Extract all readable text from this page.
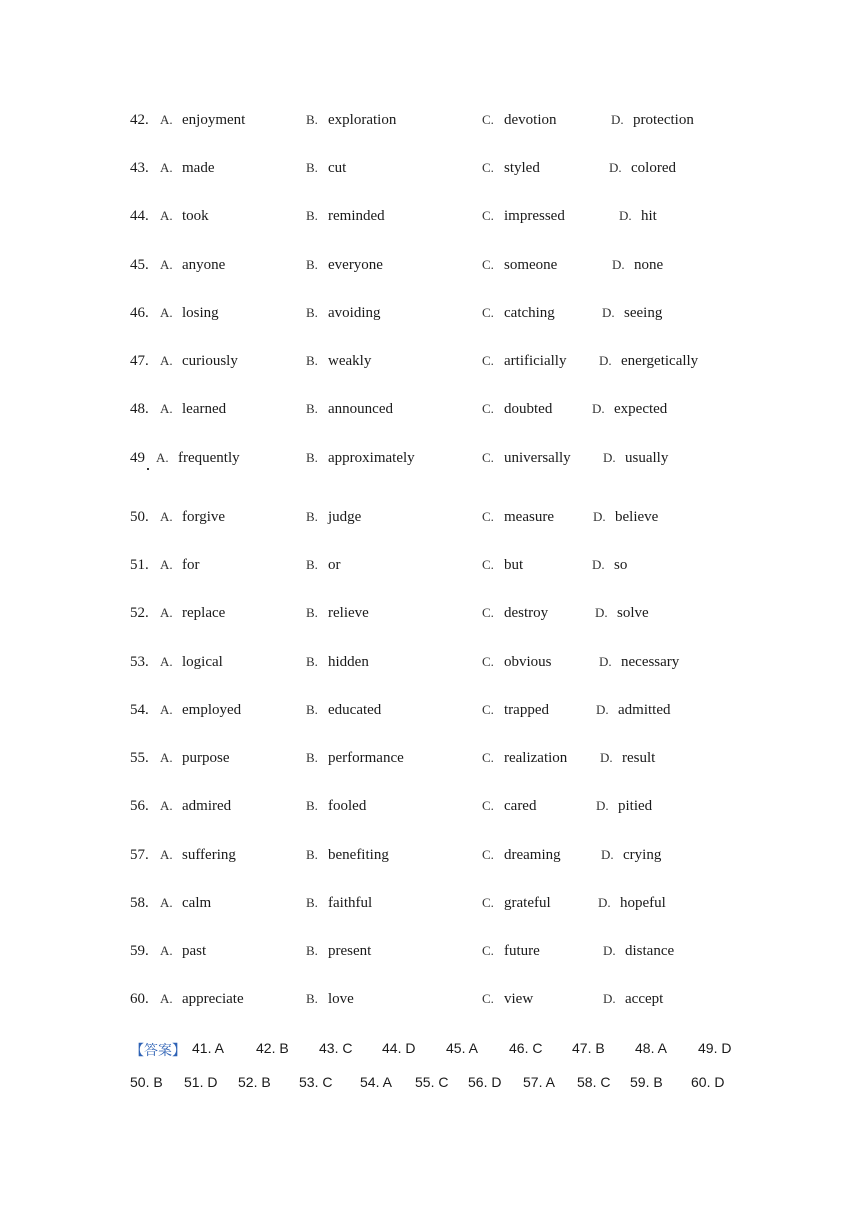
42. A. enjoyment	B. exploration	C. devotion	D. protection
43. A. made	B. cut	C. styled	D. colored
44. A. took	B. reminded	C. impressed	D. hit
45. A. anyone	B. everyone	C. someone	D. none
46. A. losing	B. avoiding	C. catching	D. seeing
47. A. curiously	B. weakly	C. artificially	D. energetically
48. A. learned	B. announced	C. doubted	D. expected
49 A. frequently	B. approximately	C. universally D. usually
50. A. forgive	B. judge	C. measure	D. believe
51. A. for	B. or	C. but	D. so
52. A. replace	B. relieve	C. destroy	D. solve
53. A. logical	B. hidden	C. obvious	D. necessary
54. A. employed	B. educated	C. trapped	D. admitted
55. A. purpose	B. performance	C. realization	D. result
56. A. admired	B. fooled	C. cared	D. pitied
57. A. suffering	B. benefiting	C. dreaming	D. crying
58. A. calm	B. faithful	C. grateful	D. hopeful
59. A. past	B. present	C. future	D. distance
60. A. appreciate	B. love	C. view	D. accept
【答案】 41. A 42. B 43. C 44. D 45. A 46. C 47. B 48. A 49. D
50. B 51. D 52. B 53. C 54. A 55. C 56. D 57. A 58. C 59. B 60. D
